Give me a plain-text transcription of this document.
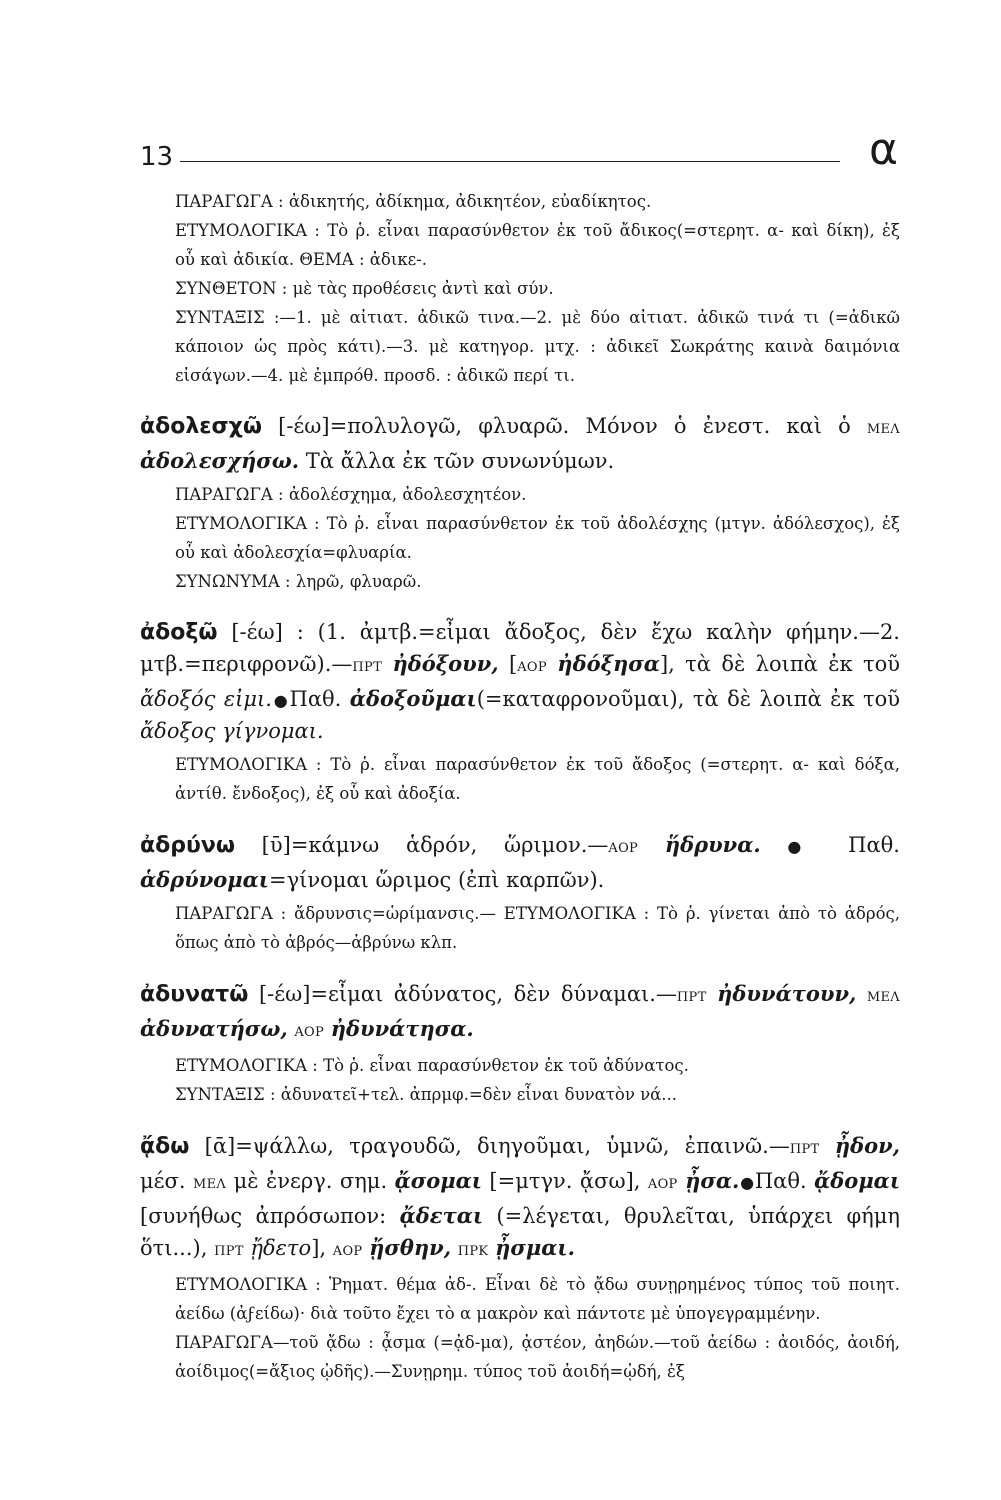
13	α

ΠΑΡΑΓΩΓΑ : ἀδικητής, ἀδίκημα, ἀδικητέον, εὐαδίκητος.

ΕΤΥΜΟΛΟΓΙΚΑ : Τὸ ῥ. εἶναι παρασύνθετον ἐκ τοῦ ἄδικος(=στερητ. α- καὶ δίκη), ἐξ οὗ καὶ ἀδικία. ΘΕΜΑ : ἀδικε-.

ΣΥΝΘΕΤΟΝ : μὲ τὰς προθέσεις ἀντὶ καὶ σύν.

ΣΥΝΤΑΞΙΣ :—1. μὲ αἰτιατ. ἀδικῶ τινα.—2. μὲ δύο αἰτιατ. ἀδικῶ τινά τι (=ἀδικῶ κάποιον ὡς πρὸς κάτι).—3. μὲ κατηγορ. μτχ. : ἀδικεῖ Σωκράτης καινὰ δαιμόνια εἰσάγων.—4. μὲ ἐμπρόθ. προσδ. : ἀδικῶ περί τι.

ἀδολεσχῶ [-έω]=πολυλογῶ, φλυαρῶ. Μόνον ὁ ἐνεστ. καὶ ὁ ΜΕΛ ἀδολεσχήσω. Τὰ ἄλλα ἐκ τῶν συνωνύμων.

ΠΑΡΑΓΩΓΑ : ἀδολέσχημα, ἀδολεσχητέον.

ΕΤΥΜΟΛΟΓΙΚΑ : Τὸ ῥ. εἶναι παρασύνθετον ἐκ τοῦ ἀδολέσχης (μτγν. ἀδόλεσχος), ἐξ οὗ καὶ ἀδολεσχία=φλυαρία.

ΣΥΝΩΝΥΜΑ : ληρῶ, φλυαρῶ.

ἀδοξῶ [-έω] : (1. ἀμτβ.=εἶμαι ἄδοξος, δὲν ἔχω καλὴν φήμην.—2. μτβ.=περιφρονῶ).—ΠΡΤ ἠδόξουν, [ΑΟΡ ἠδόξησα], τὰ δὲ λοιπὰ ἐκ τοῦ ἄδοξός εἰμι.●Παθ. ἀδοξοῦμαι(=καταφρονοῦμαι), τὰ δὲ λοιπὰ ἐκ τοῦ ἄδοξος γίγνομαι.

ΕΤΥΜΟΛΟΓΙΚΑ : Τὸ ῥ. εἶναι παρασύνθετον ἐκ τοῦ ἄδοξος (=στερητ. α- καὶ δόξα, ἀντίθ. ἔνδοξος), ἐξ οὗ καὶ ἀδοξία.

ἀδρύνω [ῡ]=κάμνω ἁδρόν, ὥριμον.—ΑΟΡ ἥδρυνα. ● Παθ. ἁδρύνομαι=γίνομαι ὥριμος (ἐπὶ καρπῶν).

ΠΑΡΑΓΩΓΑ : ἄδρυνσις=ὡρίμανσις.— ΕΤΥΜΟΛΟΓΙΚΑ : Τὸ ῥ. γίνεται ἀπὸ τὸ ἁδρός, ὅπως ἀπὸ τὸ ἁβρός—ἁβρύνω κλπ.

ἀδυνατῶ [-έω]=εἶμαι ἀδύνατος, δὲν δύναμαι.—ΠΡΤ ἠδυνάτουν, ΜΕΛ ἀδυνατήσω, ΑΟΡ ἠδυνάτησα.

ΕΤΥΜΟΛΟΓΙΚΑ : Τὸ ῥ. εἶναι παρασύνθετον ἐκ τοῦ ἀδύνατος.

ΣΥΝΤΑΞΙΣ : ἀδυνατεῖ+τελ. ἀπρμφ.=δὲν εἶναι δυνατὸν νά...

ᾄδω [ᾱ]=ψάλλω, τραγουδῶ, διηγοῦμαι, ὑμνῶ, ἐπαινῶ.—ΠΡΤ ᾖδον, μέσ. ΜΕΛ μὲ ἐνεργ. σημ. ᾄσομαι [=μτγν. ᾄσω], ΑΟΡ ᾖσα.●Παθ. ᾄδομαι [συνήθως ἀπρόσωπον: ᾄδεται (=λέγεται, θρυλεῖται, ὑπάρχει φήμη ὅτι...), ΠΡΤ ᾔδετο], ΑΟΡ ᾔσθην, ΠΡΚ ᾖσμαι.

ΕΤΥΜΟΛΟΓΙΚΑ : Ῥηματ. θέμα ἀδ-. Εἶναι δὲ τὸ ᾄδω συνῃρημένος τύπος τοῦ ποιητ. ἀείδω (ἀϝείδω)· διὰ τοῦτο ἔχει τὸ α μακρὸν καὶ πάντοτε μὲ ὑπογεγραμμένην.

ΠΑΡΑΓΩΓΑ—τοῦ ᾄδω : ᾆσμα (=ᾀδ-μα), ᾀστέον, ἀηδών.—τοῦ ἀείδω : ἀοιδός, ἀοιδή, ἀοίδιμος(=ἄξιος ᾠδῆς).—Συνῃρημ. τύπος τοῦ ἀοιδή=ᾠδή, ἐξ
